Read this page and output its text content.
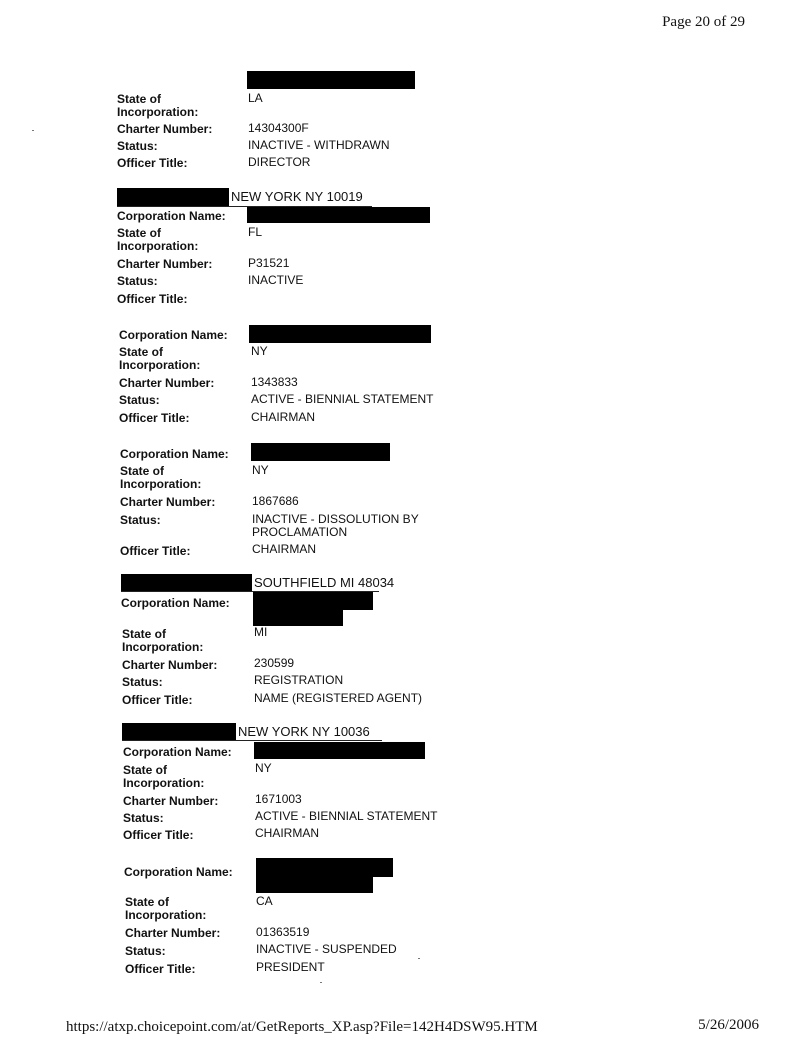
Page 20 of 29
State of
Incorporation:
LA
Charter Number:	14304300F
Status:	INACTIVE - WITHDRAWN
Officer Title:	DIRECTOR
NEW YORK NY 10019
Corporation Name:
State of
Incorporation:
FL
Charter Number:	P31521
Status:	INACTIVE
Officer Title:
Corporation Name:
State of
Incorporation:
NY
Charter Number:	1343833
Status:	ACTIVE - BIENNIAL STATEMENT
Officer Title:	CHAIRMAN
Corporation Name:
State of
Incorporation:
NY
Charter Number:	1867686
Status:	INACTIVE - DISSOLUTION BY PROCLAMATION
Officer Title:	CHAIRMAN
SOUTHFIELD MI 48034
Corporation Name:
State of
Incorporation:
MI
Charter Number:	230599
Status:	REGISTRATION
Officer Title:	NAME (REGISTERED AGENT)
NEW YORK NY 10036
Corporation Name:
State of
Incorporation:
NY
Charter Number:	1671003
Status:	ACTIVE - BIENNIAL STATEMENT
Officer Title:	CHAIRMAN
Corporation Name:
State of
Incorporation:
CA
Charter Number:	01363519
Status:	INACTIVE - SUSPENDED
Officer Title:	PRESIDENT
https://atxp.choicepoint.com/at/GetReports_XP.asp?File=142H4DSW95.HTM	5/26/2006
